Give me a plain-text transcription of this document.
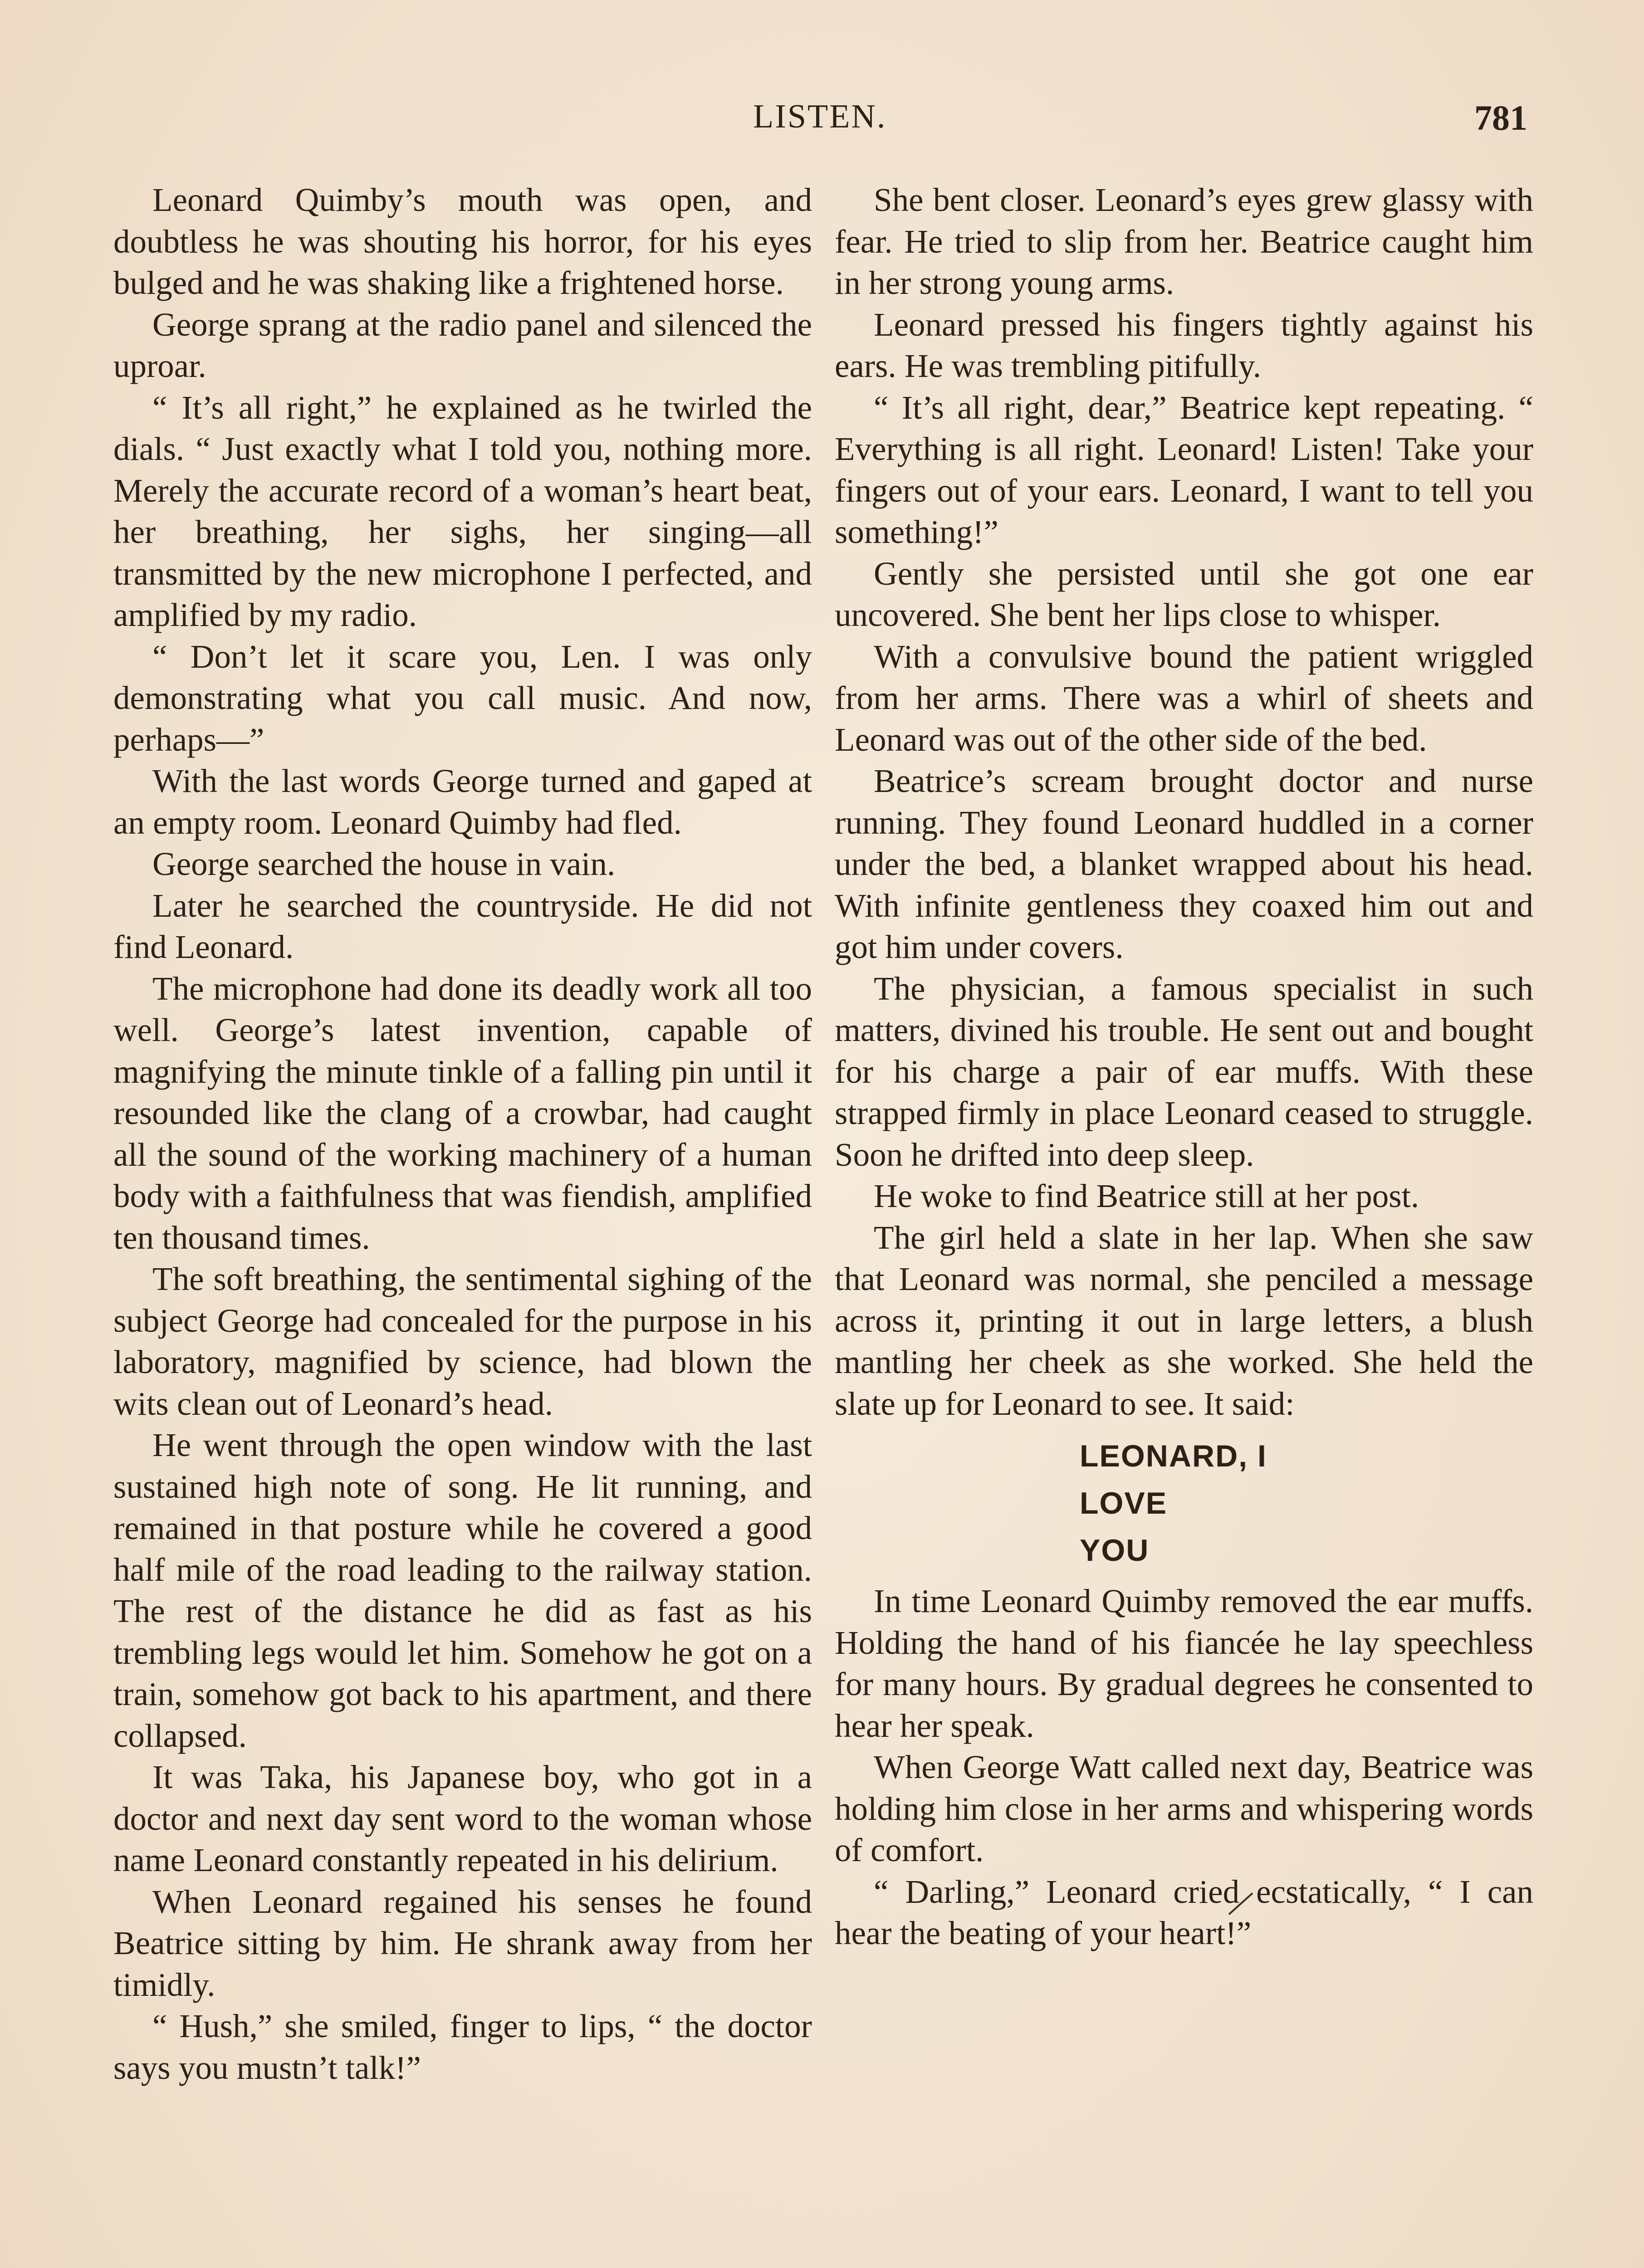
LISTEN.	781

Leonard Quimby’s mouth was open, and doubtless he was shouting his horror, for his eyes bulged and he was shaking like a frightened horse.

George sprang at the radio panel and silenced the uproar.

“ It’s all right,” he explained as he twirled the dials. “ Just exactly what I told you, nothing more. Merely the accurate record of a woman’s heart beat, her breathing, her sighs, her singing—all transmitted by the new microphone I perfected, and amplified by my radio.

“ Don’t let it scare you, Len. I was only demonstrating what you call music. And now, perhaps—”

With the last words George turned and gaped at an empty room. Leonard Quimby had fled.

George searched the house in vain.

Later he searched the countryside. He did not find Leonard.

The microphone had done its deadly work all too well. George’s latest invention, capable of magnifying the minute tinkle of a falling pin until it resounded like the clang of a crowbar, had caught all the sound of the working machinery of a human body with a faithfulness that was fiendish, amplified ten thousand times.

The soft breathing, the sentimental sighing of the subject George had concealed for the purpose in his laboratory, magnified by science, had blown the wits clean out of Leonard’s head.

He went through the open window with the last sustained high note of song. He lit running, and remained in that posture while he covered a good half mile of the road leading to the railway station. The rest of the distance he did as fast as his trembling legs would let him. Somehow he got on a train, somehow got back to his apartment, and there collapsed.

It was Taka, his Japanese boy, who got in a doctor and next day sent word to the woman whose name Leonard constantly repeated in his delirium.

When Leonard regained his senses he found Beatrice sitting by him. He shrank away from her timidly.

“ Hush,” she smiled, finger to lips, “ the doctor says you mustn’t talk!”

She bent closer. Leonard’s eyes grew glassy with fear. He tried to slip from her. Beatrice caught him in her strong young arms.

Leonard pressed his fingers tightly against his ears. He was trembling pitifully.

“ It’s all right, dear,” Beatrice kept repeating. “ Everything is all right. Leonard! Listen! Take your fingers out of your ears. Leonard, I want to tell you something!”

Gently she persisted until she got one ear uncovered. She bent her lips close to whisper.

With a convulsive bound the patient wriggled from her arms. There was a whirl of sheets and Leonard was out of the other side of the bed.

Beatrice’s scream brought doctor and nurse running. They found Leonard huddled in a corner under the bed, a blanket wrapped about his head. With infinite gentleness they coaxed him out and got him under covers.

The physician, a famous specialist in such matters, divined his trouble. He sent out and bought for his charge a pair of ear muffs. With these strapped firmly in place Leonard ceased to struggle. Soon he drifted into deep sleep.

He woke to find Beatrice still at her post.

The girl held a slate in her lap. When she saw that Leonard was normal, she penciled a message across it, printing it out in large letters, a blush mantling her cheek as she worked. She held the slate up for Leonard to see. It said:

LEONARD, I
LOVE
YOU

In time Leonard Quimby removed the ear muffs. Holding the hand of his fiancée he lay speechless for many hours. By gradual degrees he consented to hear her speak.

When George Watt called next day, Beatrice was holding him close in her arms and whispering words of comfort.

“ Darling,” Leonard cried ecstatically, “ I can hear the beating of your heart!”
